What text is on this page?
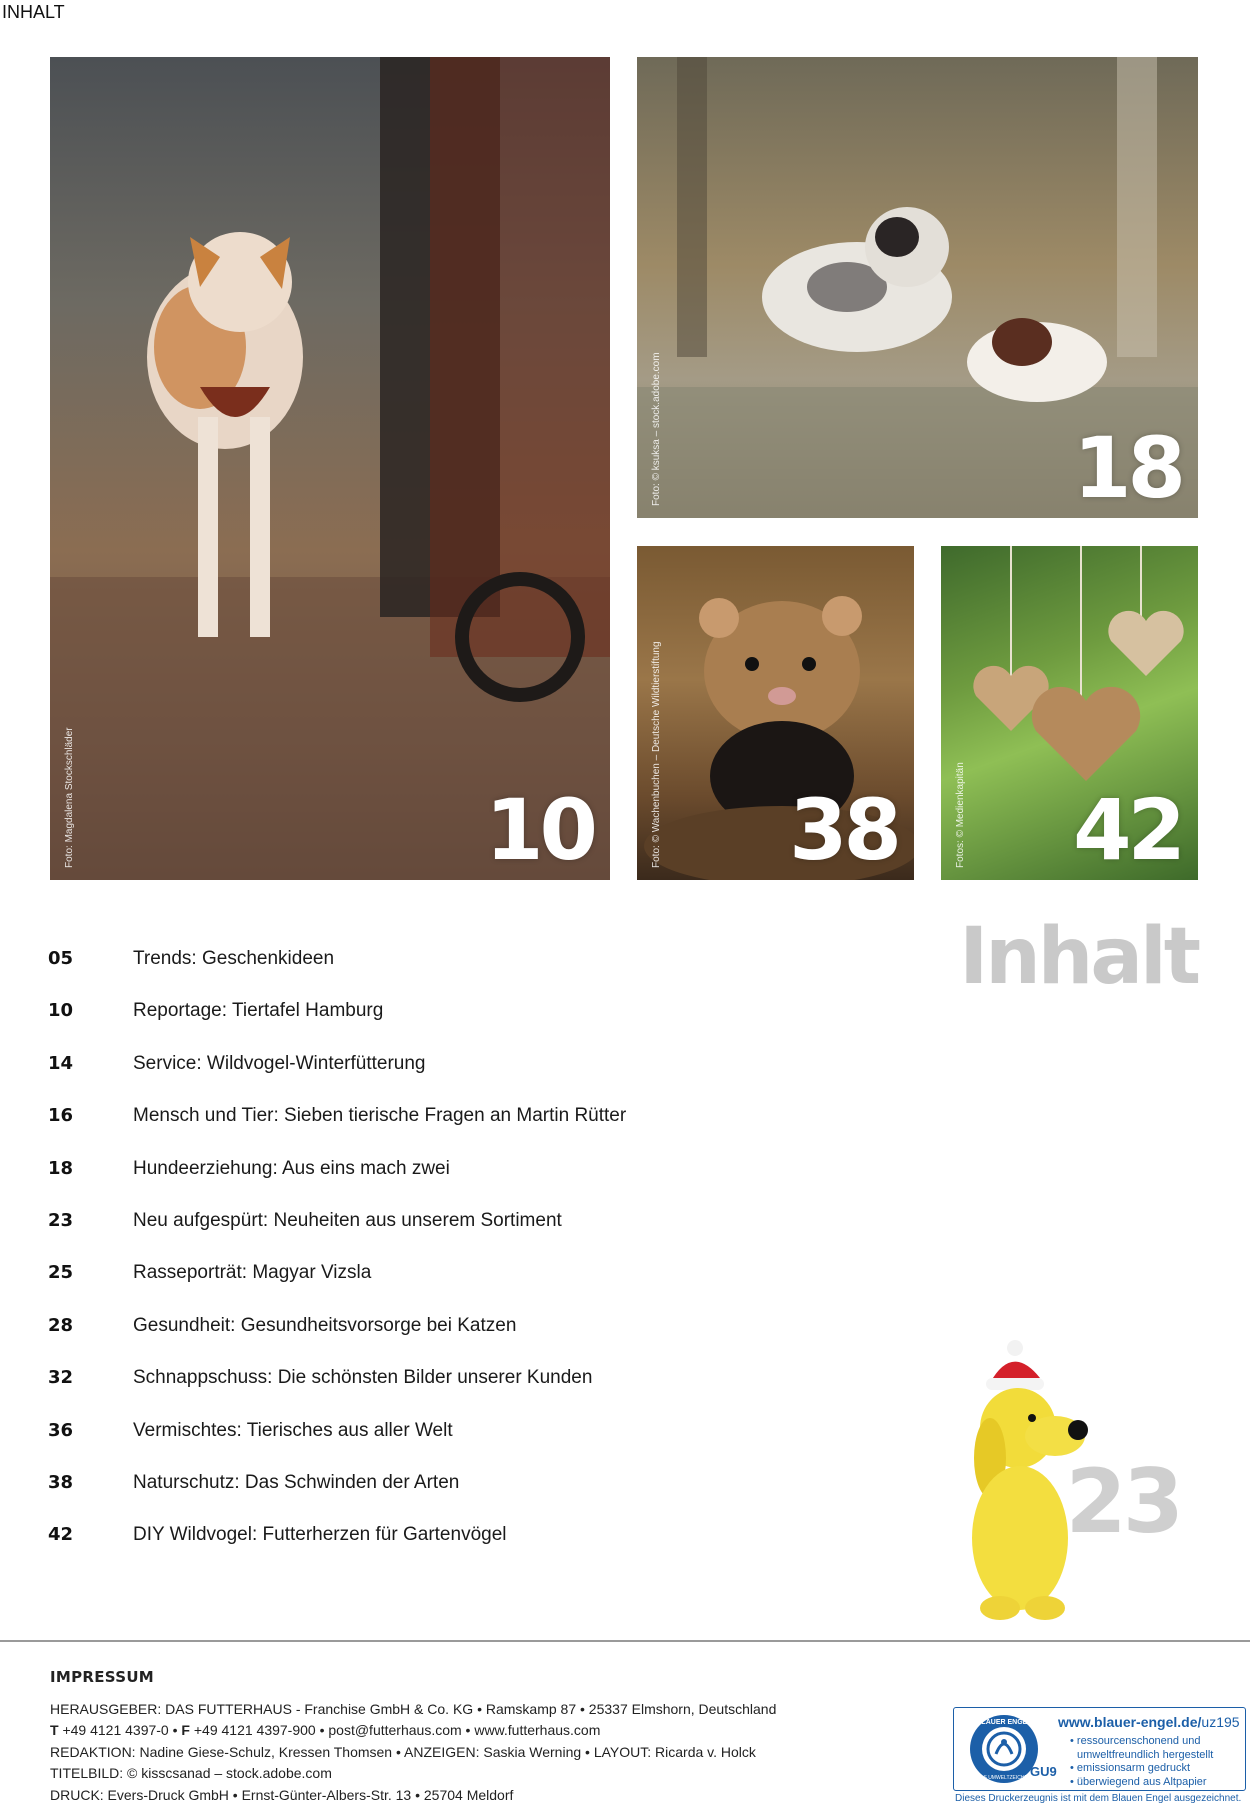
INHALT
Foto: Magdalena Stockschläder	10
Foto: © ksuksa – stock.adobe.com	18
Foto: © Wachenbuchen – Deutsche Wildtierstiftung 38	Fotos: © Medienkapitän 42
05	Trends: Geschenkideen
10	Reportage: Tiertafel Hamburg
14	Service: Wildvogel-Winterfütterung
16	Mensch und Tier: Sieben tierische Fragen an Martin Rütter
18	Hundeerziehung: Aus eins mach zwei
23	Neu aufgespürt: Neuheiten aus unserem Sortiment
25	Rasseporträt: Magyar Vizsla
28	Gesundheit: Gesundheitsvorsorge bei Katzen
32	Schnappschuss: Die schönsten Bilder unserer Kunden
36	Vermischtes: Tierisches aus aller Welt
38	Naturschutz: Das Schwinden der Arten
42	DIY Wildvogel: Futterherzen für Gartenvögel
Inhalt
23
IMPRESSUM
HERAUSGEBER: DAS FUTTERHAUS - Franchise GmbH & Co. KG • Ramskamp 87 • 25337 Elmshorn, Deutschland
T +49 4121 4397-0 • F +49 4121 4397-900 • post@futterhaus.com • www.futterhaus.com
REDAKTION: Nadine Giese-Schulz, Kressen Thomsen • ANZEIGEN: Saskia Werning • LAYOUT: Ricarda v. Holck
TITELBILD: © kisscsanad – stock.adobe.com
DRUCK: Evers-Druck GmbH • Ernst-Günter-Albers-Str. 13 • 25704 Meldorf
BLAUER ENGEL
DAS UMWELTZEICHEN
www.blauer-engel.de/uz195
GU9
• ressourcenschonend und
umweltfreundlich hergestellt
• emissionsarm gedruckt
• überwiegend aus Altpapier
Dieses Druckerzeugnis ist mit dem Blauen Engel ausgezeichnet.
